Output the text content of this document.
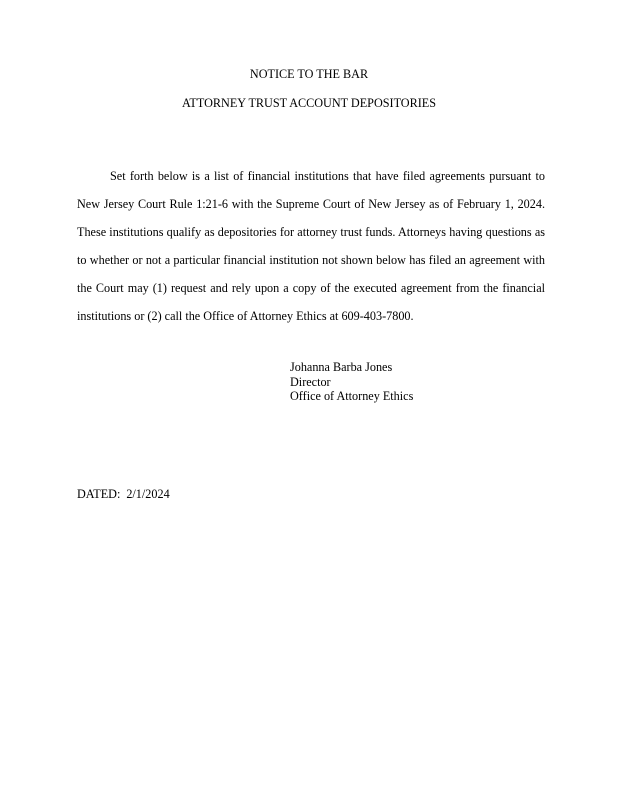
NOTICE TO THE BAR
ATTORNEY TRUST ACCOUNT DEPOSITORIES

Set forth below is a list of financial institutions that have filed agreements pursuant to New Jersey Court Rule 1:21-6 with the Supreme Court of New Jersey as of February 1, 2024. These institutions qualify as depositories for attorney trust funds. Attorneys having questions as to whether or not a particular financial institution not shown below has filed an agreement with the Court may (1) request and rely upon a copy of the executed agreement from the financial institutions or (2) call the Office of Attorney Ethics at 609-403-7800.

Johanna Barba Jones
Director
Office of Attorney Ethics
DATED: 2/1/2024
